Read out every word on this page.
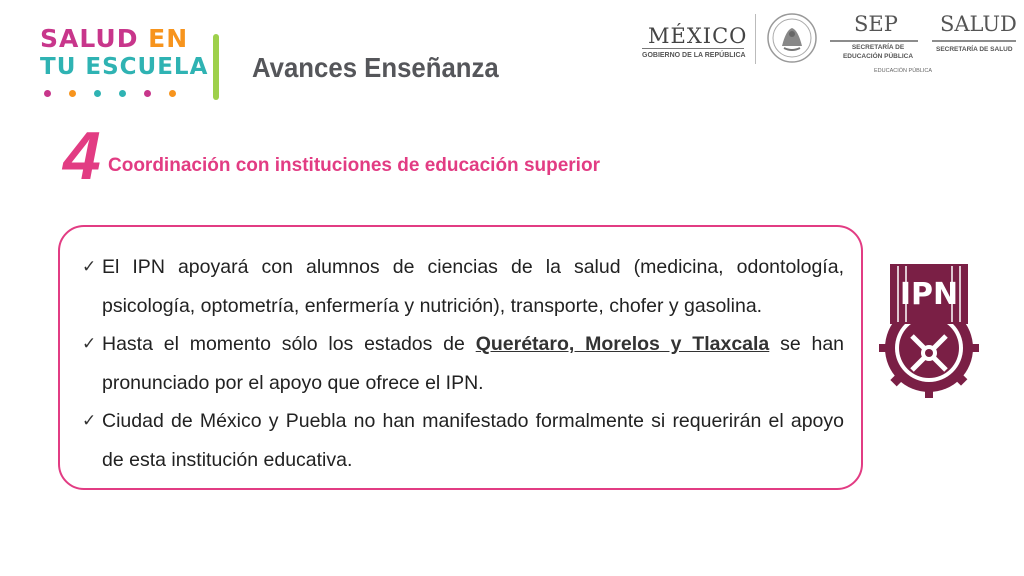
SALUD EN
TU ESCUELA Avances Enseñanza
MÉXICO
GOBIERNO DE LA REPÚBLICA
SEP
SECRETARÍA DE EDUCACIÓN PÚBLICA
EDUCACIÓN PÚBLICA
SALUD
SECRETARÍA DE SALUD
4 Coordinación con instituciones de educación superior
✓ El IPN apoyará con alumnos de ciencias de la salud (medicina, odontología, psicología, optometría, enfermería y nutrición), transporte, chofer y gasolina.
✓ Hasta el momento sólo los estados de Querétaro, Morelos y Tlaxcala se han pronunciado por el apoyo que ofrece el IPN.
✓ Ciudad de México y Puebla no han manifestado formalmente si requerirán el apoyo de esta institución educativa.
IPN
